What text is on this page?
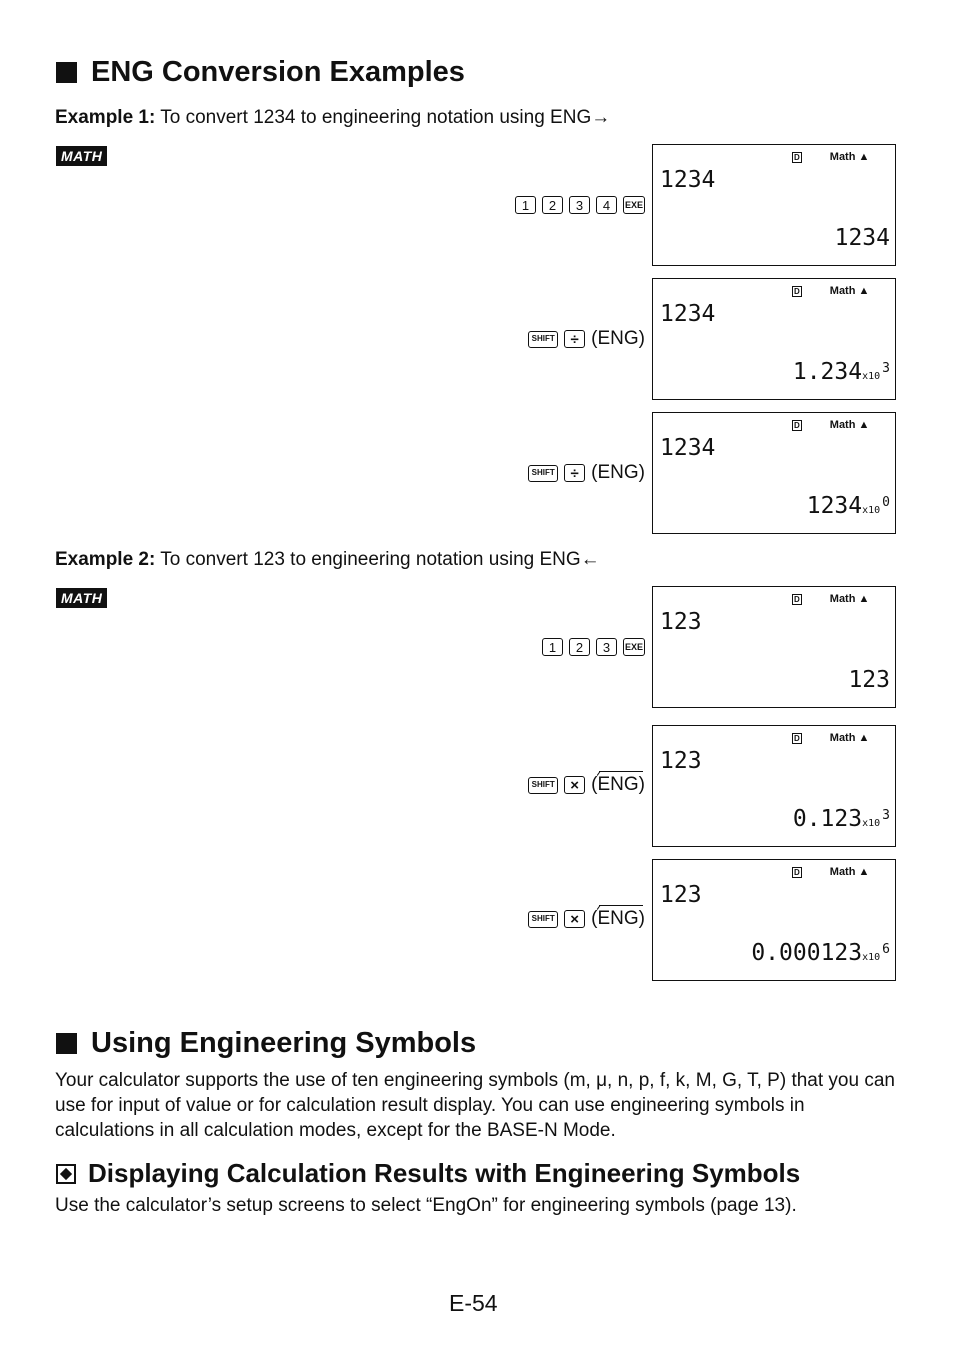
ENG Conversion Examples
Example 1: To convert 1234 to engineering notation using ENG→
MATH
1	2	3	4	EXE
D	Math ▲
1234
1234
SHIFT	÷ (ENG)
D	Math ▲
1234
$1.234x10^3$
SHIFT	÷ (ENG)
D	Math ▲
1234
$1234x10^0$
Example 2: To convert 123 to engineering notation using ENG←
MATH
1	2	3	EXE
D	Math ▲
123
123
SHIFT	× (ENG)
D	Math ▲
123
$0.123x10^3$
SHIFT	× (ENG)
D	Math ▲
123
$0.000123x10^6$
Using Engineering Symbols
Your calculator supports the use of ten engineering symbols (m, μ, n, p, f, k, M, G, T, P) that you can use for input of value or for calculation result display. You can use engineering symbols in calculations in all calculation modes, except for the BASE-N Mode.
Displaying Calculation Results with Engineering Symbols
Use the calculator’s setup screens to select “EngOn” for engineering symbols (page 13).
E-54
